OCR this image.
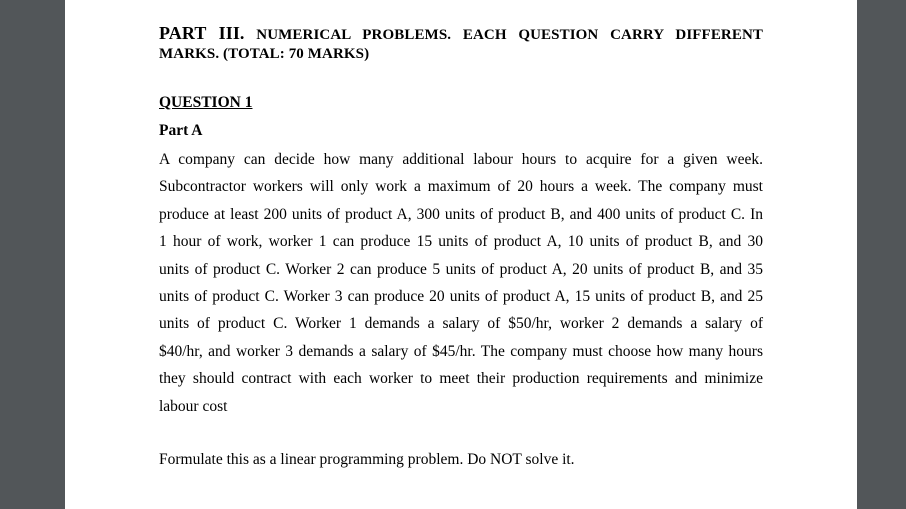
PART III. NUMERICAL PROBLEMS. EACH QUESTION CARRY DIFFERENT MARKS. (TOTAL: 70 MARKS)

QUESTION 1

Part A

A company can decide how many additional labour hours to acquire for a given week.
Subcontractor workers will only work a maximum of 20 hours a week. The company must
produce at least 200 units of product A, 300 units of product B, and 400 units of product C. In
1 hour of work, worker 1 can produce 15 units of product A, 10 units of product B, and 30
units of product C. Worker 2 can produce 5 units of product A, 20 units of product B, and 35
units of product C. Worker 3 can produce 20 units of product A, 15 units of product B, and 25
units of product C. Worker 1 demands a salary of $50/hr, worker 2 demands a salary of
$40/hr, and worker 3 demands a salary of $45/hr. The company must choose how many hours
they should contract with each worker to meet their production requirements and minimize
labour cost

Formulate this as a linear programming problem. Do NOT solve it.
